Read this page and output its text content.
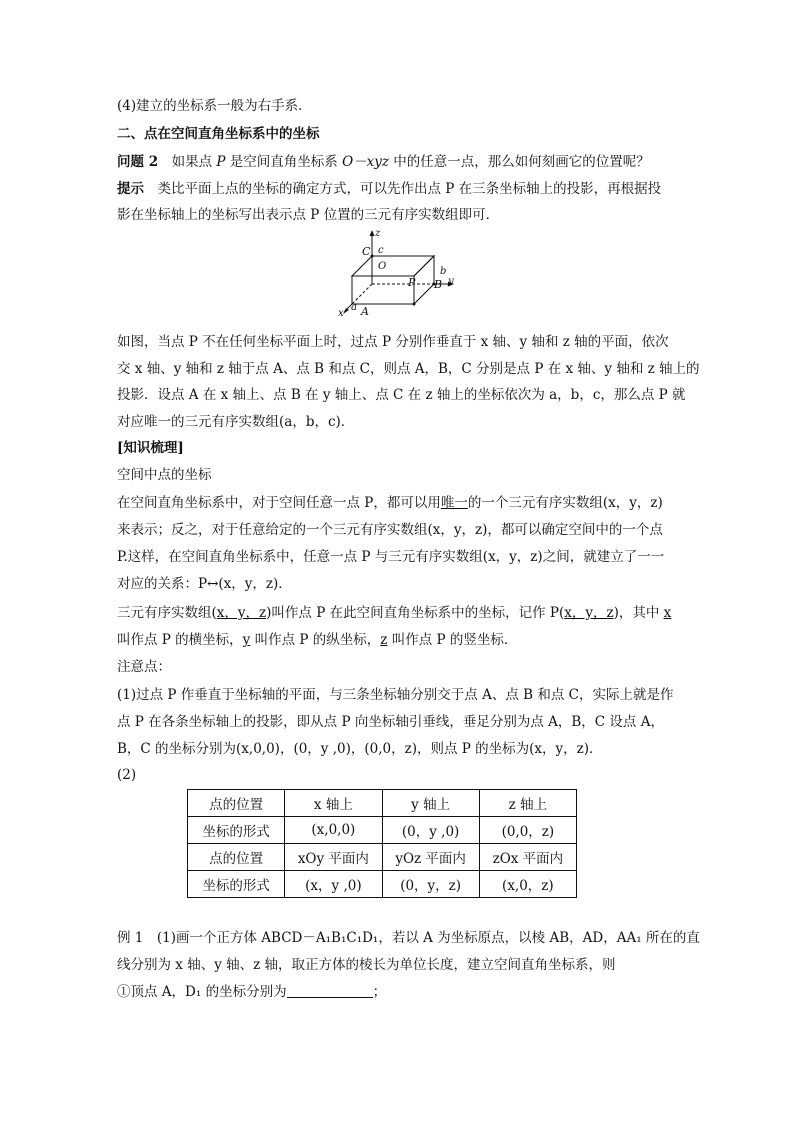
(4)建立的坐标系一般为右手系．
二、点在空间直角坐标系中的坐标
问题 2　如果点 P 是空间直角坐标系 O－xyz 中的任意一点，那么如何刻画它的位置呢？
提示　类比平面上点的坐标的确定方式，可以先作出点 P 在三条坐标轴上的投影，再根据投
影在坐标轴上的坐标写出表示点 P 位置的三元有序实数组即可．
z
c
O	b
y
a
x
C
B
P
A
如图，当点 P 不在任何坐标平面上时，过点 P 分别作垂直于 x 轴、y 轴和 z 轴的平面，依次
交 x 轴、y 轴和 z 轴于点 A、点 B 和点 C，则点 A，B，C 分别是点 P 在 x 轴、y 轴和 z 轴上的
投影．设点 A 在 x 轴上、点 B 在 y 轴上、点 C 在 z 轴上的坐标依次为 a，b，c，那么点 P 就
对应唯一的三元有序实数组(a，b，c)．
[知识梳理]
空间中点的坐标
在空间直角坐标系中，对于空间任意一点 P，都可以用唯一的一个三元有序实数组(x，y，z)
来表示；反之，对于任意给定的一个三元有序实数组(x，y，z)，都可以确定空间中的一个点
P.这样，在空间直角坐标系中，任意一点 P 与三元有序实数组(x，y，z)之间，就建立了一一
对应的关系：P↔(x，y，z)．
三元有序实数组(x，y，z)叫作点 P 在此空间直角坐标系中的坐标，记作 P(x，y，z)，其中 x
叫作点 P 的横坐标，y 叫作点 P 的纵坐标，z 叫作点 P 的竖坐标．
注意点：
(1)过点 P 作垂直于坐标轴的平面，与三条坐标轴分别交于点 A、点 B 和点 C，实际上就是作
点 P 在各条坐标轴上的投影，即从点 P 向坐标轴引垂线，垂足分别为点 A，B，C 设点 A，
B，C 的坐标分别为(x,0,0)，(0，y ,0)，(0,0，z)，则点 P 的坐标为(x，y，z)．
(2)
点的位置	x 轴上	y 轴上	z 轴上
坐标的形式	(x,0,0)	(0，y ,0)	(0,0，z)
点的位置	xOy 平面内	yOz 平面内	zOx 平面内
坐标的形式	(x，y ,0)	(0，y，z)	(x,0，z)
例 1　(1)画一个正方体 ABCD－A₁B₁C₁D₁，若以 A 为坐标原点，以棱 AB，AD，AA₁ 所在的直
线分别为 x 轴、y 轴、z 轴，取正方体的棱长为单位长度，建立空间直角坐标系，则
①顶点 A，D₁ 的坐标分别为	；
